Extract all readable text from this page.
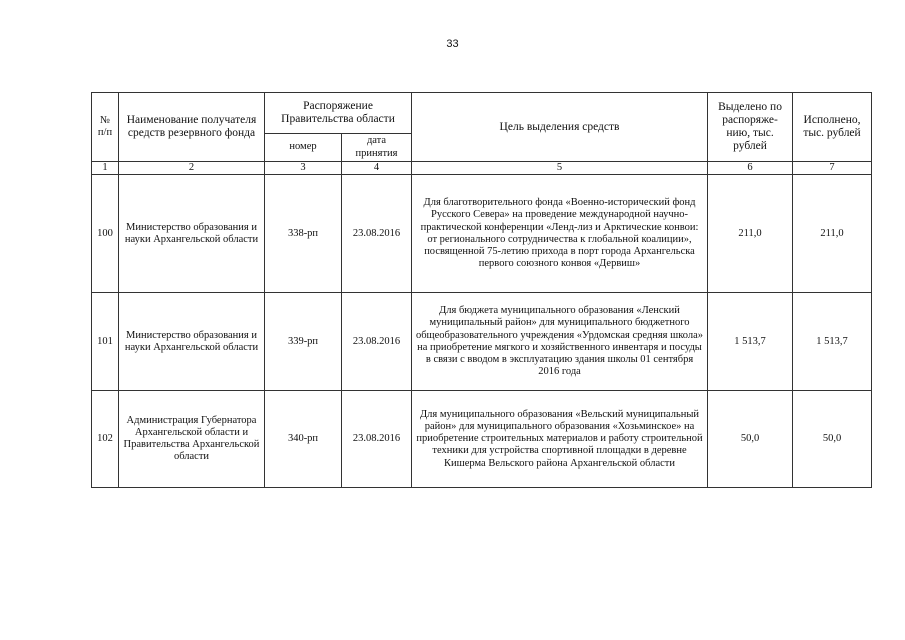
33
№ п/п	Наименование получателя средств резервного фонда	Распоряжение Правительства области		Цель выделения средств	Выделено по распоряже-нию, тыс. рублей	Исполнено, тыс. рублей
		номер	дата принятия			
1	2	3	4	5	6	7
100	Министерство образования и науки Архангельской области	338-рп	23.08.2016	Для благотворительного фонда «Военно-исторический фонд Русского Севера» на проведение международной научно-практической конференции «Ленд-лиз и Арктические конвои: от регионального сотрудничества к глобальной коалиции», посвященной 75-летию прихода в порт города Архангельска первого союзного конвоя «Дервиш»	211,0	211,0
101	Министерство образования и науки Архангельской области	339-рп	23.08.2016	Для бюджета муниципального образования «Ленский муниципальный район» для муниципального бюджетного общеобразовательного учреждения «Урдомская средняя школа» на приобретение мягкого и хозяйственного инвентаря и посуды в связи с вводом в эксплуатацию здания школы 01 сентября 2016 года	1 513,7	1 513,7
102	Администрация Губернатора Архангельской области и Правительства Архангельской области	340-рп	23.08.2016	Для муниципального образования «Вельский муниципальный район» для муниципального образования «Хозьминское» на приобретение строительных материалов и работу строительной техники для устройства спортивной площадки в деревне Кишерма Вельского района Архангельской области	50,0	50,0
